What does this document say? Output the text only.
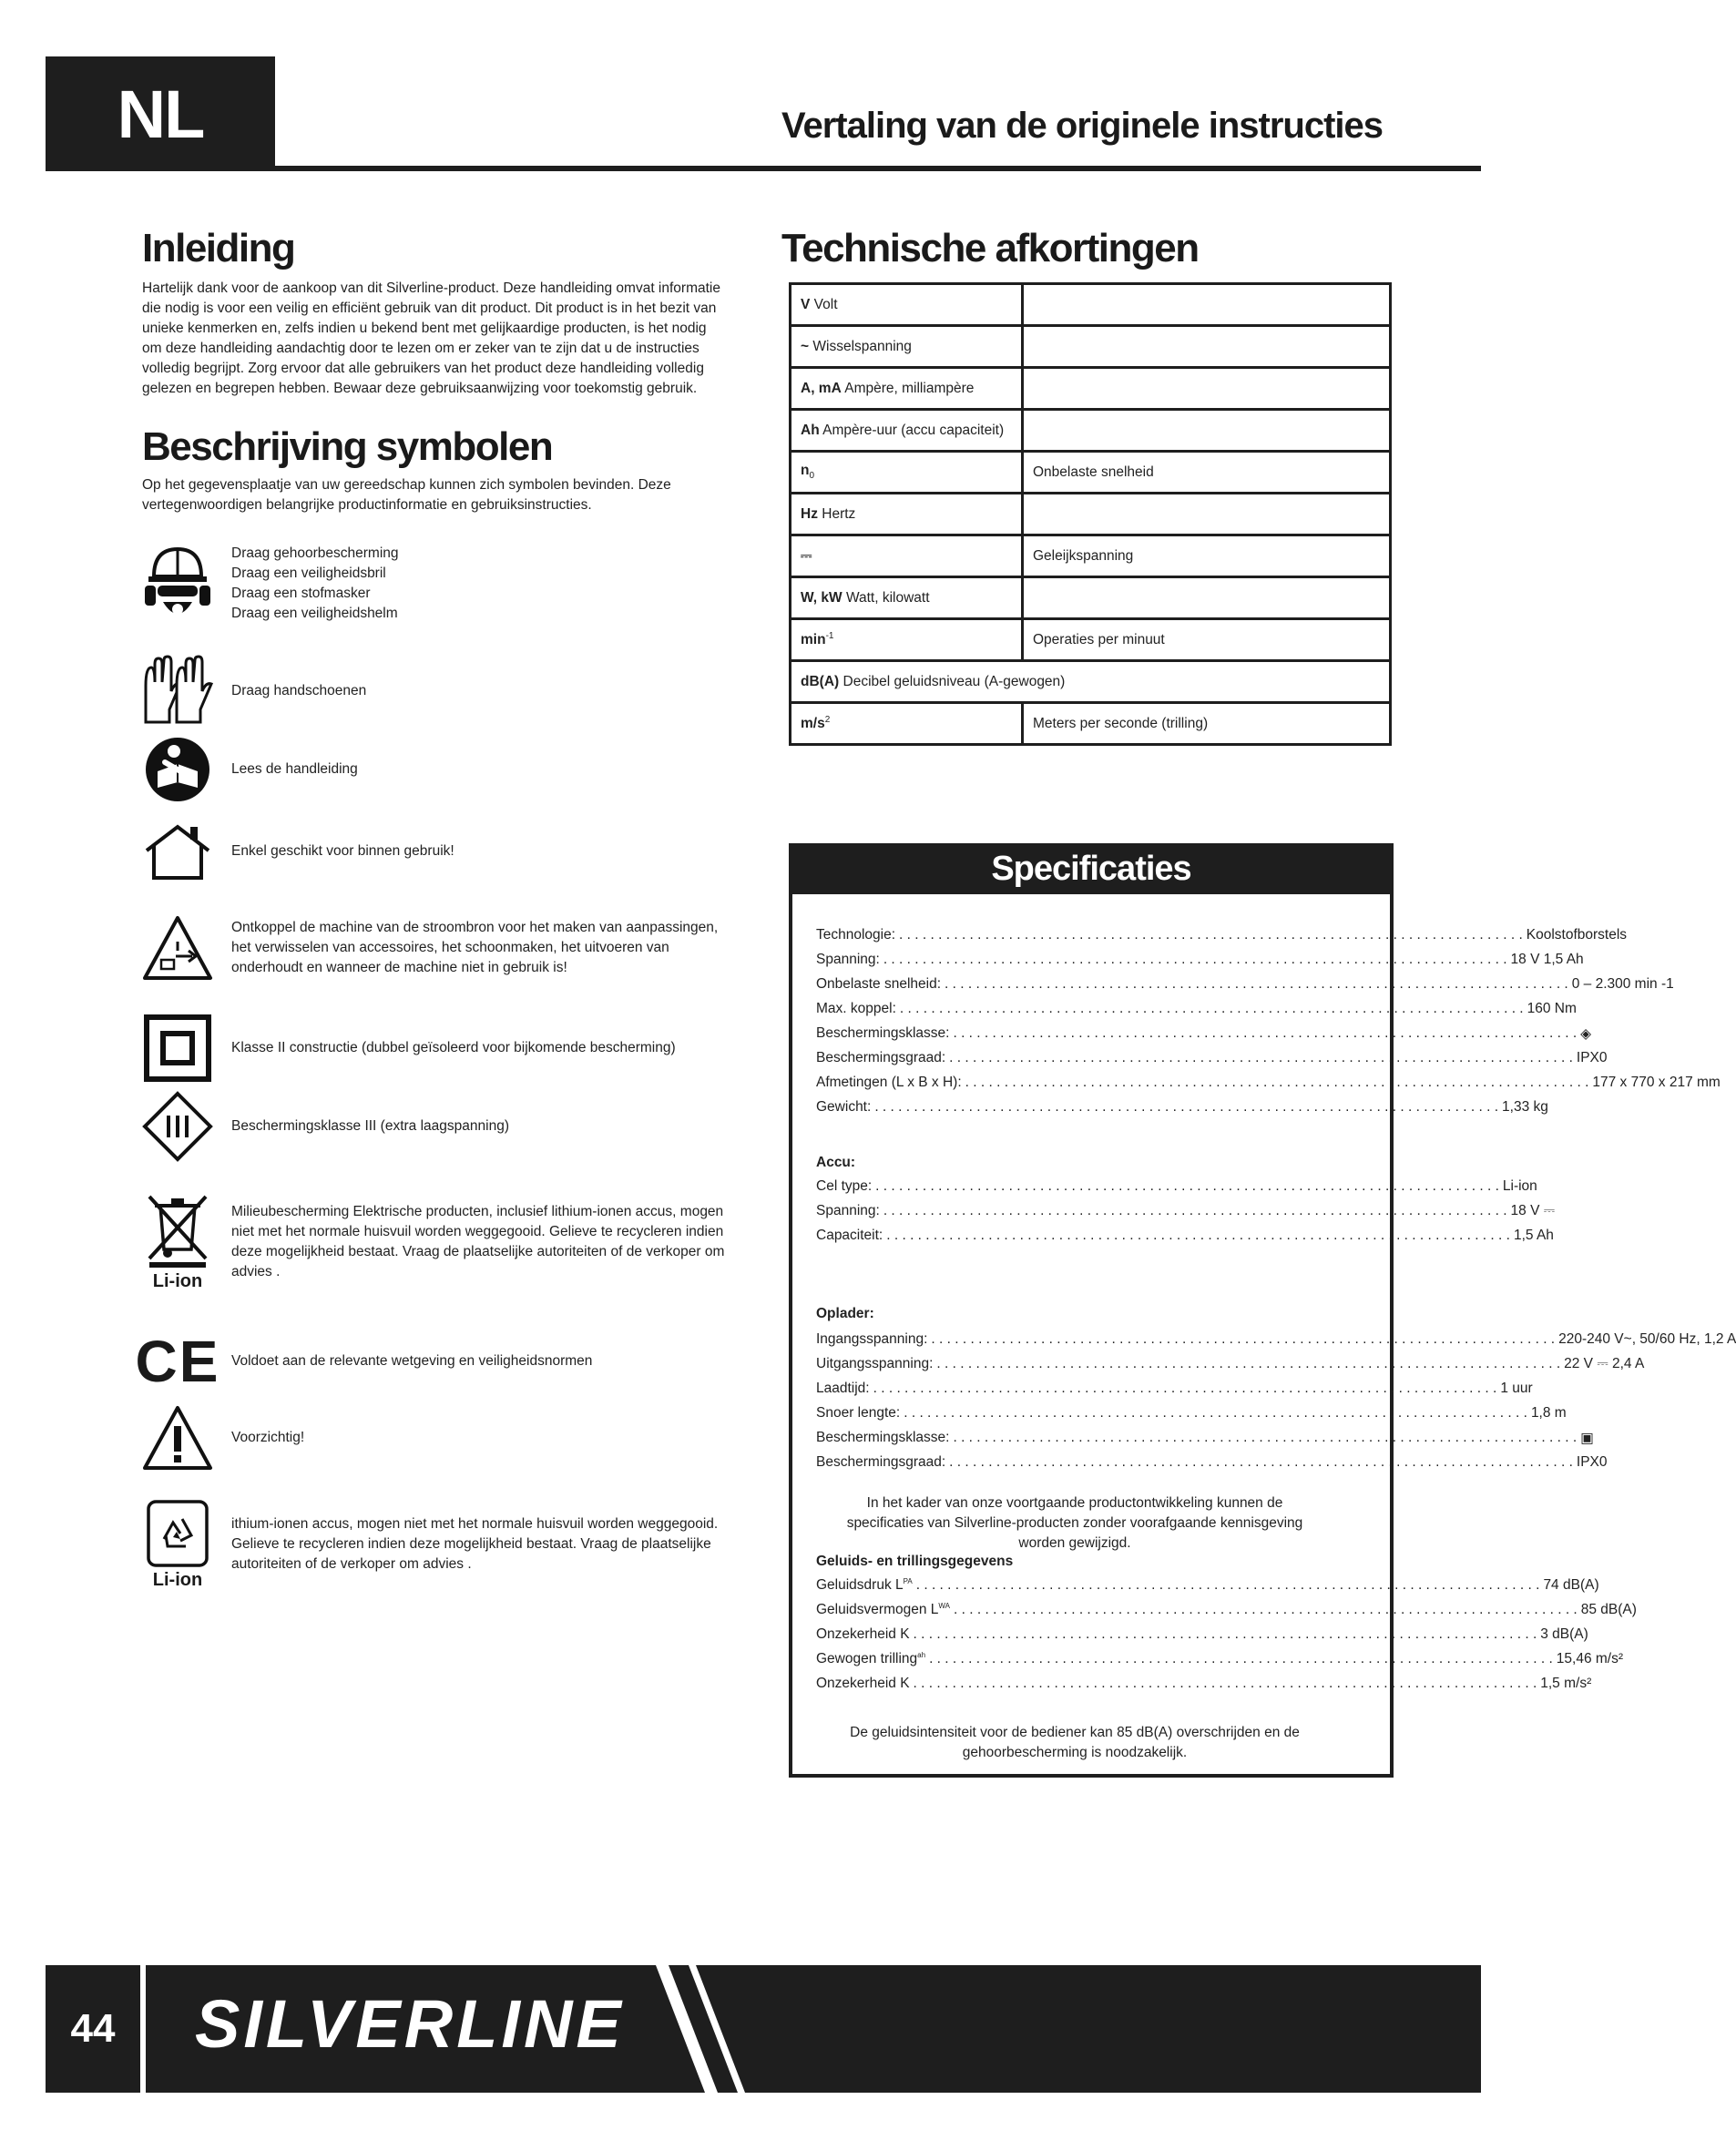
NL	Vertaling van de originele instructies
Inleiding
Hartelijk dank voor de aankoop van dit Silverline-product. Deze handleiding omvat informatie die nodig is voor een veilig en efficiënt gebruik van dit product. Dit product is in het bezit van unieke kenmerken en, zelfs indien u bekend bent met gelijkaardige producten, is het nodig om deze handleiding aandachtig door te lezen om er zeker van te zijn dat u de instructies volledig begrijpt. Zorg ervoor dat alle gebruikers van het product deze handleiding volledig gelezen en begrepen hebben. Bewaar deze gebruiksaanwijzing voor toekomstig gebruik.
Beschrijving symbolen
Op het gegevensplaatje van uw gereedschap kunnen zich symbolen bevinden. Deze vertegenwoordigen belangrijke productinformatie en gebruiksinstructies.
Draag gehoorbescherming
Draag een veiligheidsbril
Draag een stofmasker
Draag een veiligheidshelm
Draag handschoenen
Lees de handleiding
Enkel geschikt voor binnen gebruik!
Ontkoppel de machine van de stroombron voor het maken van aanpassingen, het verwisselen van accessoires, het schoonmaken, het uitvoeren van onderhoudt en wanneer de machine niet in gebruik is!
Klasse II constructie (dubbel geïsoleerd voor bijkomende bescherming)
Beschermingsklasse III (extra laagspanning)
Li-ion
Milieubescherming Elektrische producten, inclusief lithium-ionen accus, mogen niet met het normale huisvuil worden weggegooid. Gelieve te recycleren indien deze mogelijkheid bestaat. Vraag de plaatselijke autoriteiten of de verkoper om advies .
CE Voldoet aan de relevante wetgeving en veiligheidsnormen
Voorzichtig!
Li-ion
ithium-ionen accus, mogen niet met het normale huisvuil worden weggegooid. Gelieve te recycleren indien deze mogelijkheid bestaat. Vraag de plaatselijke autoriteiten of de verkoper om advies .
Technische afkortingen
V Volt	
~ Wisselspanning	
A, mA Ampère, milliampère	
Ah Ampère-uur (accu capaciteit)	
$n_0$	Onbelaste snelheid
Hz Hertz	
⎓	Geleijkspanning
W, kW Watt, kilowatt	
$\min^{-1}$	Operaties per minuut
dB(A) Decibel geluidsniveau (A-gewogen)	
$m/s^2$	Meters per seconde (trilling)
Specificaties
Technologie: . . . . . . . . . . . . . . . . . . . . . . . . . . . . . . . . . . . . . . . . . . . . . . . . . . . . . . . . . . . . . . . . . . . . . . . . . . . . . . . . Koolstofborstels
Spanning: . . . . . . . . . . . . . . . . . . . . . . . . . . . . . . . . . . . . . . . . . . . . . . . . . . . . . . . . . . . . . . . . . . . . . . . . . . . . . . . . 18 V 1,5 Ah
Onbelaste snelheid: . . . . . . . . . . . . . . . . . . . . . . . . . . . . . . . . . . . . . . . . . . . . . . . . . . . . . . . . . . . . . . . . . . . . . . . . . . . . . . . . 0 – 2.300 min -1
Max. koppel: . . . . . . . . . . . . . . . . . . . . . . . . . . . . . . . . . . . . . . . . . . . . . . . . . . . . . . . . . . . . . . . . . . . . . . . . . . . . . . . . 160 Nm
Beschermingsklasse: . . . . . . . . . . . . . . . . . . . . . . . . . . . . . . . . . . . . . . . . . . . . . . . . . . . . . . . . . . . . . . . . . . . . . . . . . . . . . . . . ◈
Beschermingsgraad: . . . . . . . . . . . . . . . . . . . . . . . . . . . . . . . . . . . . . . . . . . . . . . . . . . . . . . . . . . . . . . . . . . . . . . . . . . . . . . . . IPX0
Afmetingen (L x B x H): . . . . . . . . . . . . . . . . . . . . . . . . . . . . . . . . . . . . . . . . . . . . . . . . . . . . . . . . . . . . . . . . . . . . . . . . . . . . . . . . 177 x 770 x 217 mm
Gewicht: . . . . . . . . . . . . . . . . . . . . . . . . . . . . . . . . . . . . . . . . . . . . . . . . . . . . . . . . . . . . . . . . . . . . . . . . . . . . . . . . 1,33 kg
Accu:
Cel type: . . . . . . . . . . . . . . . . . . . . . . . . . . . . . . . . . . . . . . . . . . . . . . . . . . . . . . . . . . . . . . . . . . . . . . . . . . . . . . . . Li-ion
Spanning: . . . . . . . . . . . . . . . . . . . . . . . . . . . . . . . . . . . . . . . . . . . . . . . . . . . . . . . . . . . . . . . . . . . . . . . . . . . . . . . . 18 V ⎓
Capaciteit: . . . . . . . . . . . . . . . . . . . . . . . . . . . . . . . . . . . . . . . . . . . . . . . . . . . . . . . . . . . . . . . . . . . . . . . . . . . . . . . . 1,5 Ah
Oplader:
Ingangsspanning: . . . . . . . . . . . . . . . . . . . . . . . . . . . . . . . . . . . . . . . . . . . . . . . . . . . . . . . . . . . . . . . . . . . . . . . . . . . . . . . . 220-240 V~, 50/60 Hz, 1,2 A
Uitgangsspanning: . . . . . . . . . . . . . . . . . . . . . . . . . . . . . . . . . . . . . . . . . . . . . . . . . . . . . . . . . . . . . . . . . . . . . . . . . . . . . . . . 22 V ⎓ 2,4 A
Laadtijd: . . . . . . . . . . . . . . . . . . . . . . . . . . . . . . . . . . . . . . . . . . . . . . . . . . . . . . . . . . . . . . . . . . . . . . . . . . . . . . . . 1 uur
Snoer lengte: . . . . . . . . . . . . . . . . . . . . . . . . . . . . . . . . . . . . . . . . . . . . . . . . . . . . . . . . . . . . . . . . . . . . . . . . . . . . . . . . 1,8 m
Beschermingsklasse: . . . . . . . . . . . . . . . . . . . . . . . . . . . . . . . . . . . . . . . . . . . . . . . . . . . . . . . . . . . . . . . . . . . . . . . . . . . . . . . . ▣
Beschermingsgraad: . . . . . . . . . . . . . . . . . . . . . . . . . . . . . . . . . . . . . . . . . . . . . . . . . . . . . . . . . . . . . . . . . . . . . . . . . . . . . . . . IPX0
In het kader van onze voortgaande productontwikkeling kunnen de specificaties van Silverline-producten zonder voorafgaande kennisgeving worden gewijzigd.
Geluids- en trillingsgegevens
Geluidsdruk L PA . . . . . . . . . . . . . . . . . . . . . . . . . . . . . . . . . . . . . . . . . . . . . . . . . . . . . . . . . . . . . . . . . . . . . . . . . . . . . . . . 74 dB(A)
Geluidsvermogen L WA . . . . . . . . . . . . . . . . . . . . . . . . . . . . . . . . . . . . . . . . . . . . . . . . . . . . . . . . . . . . . . . . . . . . . . . . . . . . . . . . 85 dB(A)
Onzekerheid K . . . . . . . . . . . . . . . . . . . . . . . . . . . . . . . . . . . . . . . . . . . . . . . . . . . . . . . . . . . . . . . . . . . . . . . . . . . . . . . . 3 dB(A)
Gewogen trilling ah . . . . . . . . . . . . . . . . . . . . . . . . . . . . . . . . . . . . . . . . . . . . . . . . . . . . . . . . . . . . . . . . . . . . . . . . . . . . . . . . 15,46 m/s²
Onzekerheid K . . . . . . . . . . . . . . . . . . . . . . . . . . . . . . . . . . . . . . . . . . . . . . . . . . . . . . . . . . . . . . . . . . . . . . . . . . . . . . . . 1,5 m/s²
De geluidsintensiteit voor de bediener kan 85 dB(A) overschrijden en de gehoorbescherming is noodzakelijk.
44	SILVERLINE
